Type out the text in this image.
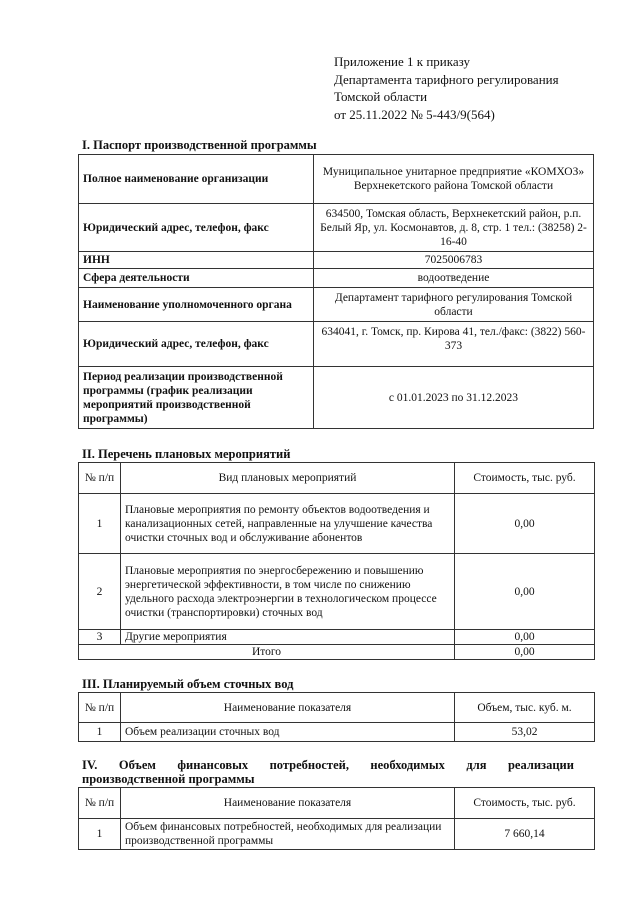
Приложение 1 к приказу
Департамента тарифного регулирования
Томской области
от 25.11.2022 № 5-443/9(564)
I. Паспорт производственной программы
Полное наименование организации	Муниципальное унитарное предприятие «КОМХОЗ» Верхнекетского района Томской области
Юридический адрес, телефон, факс	634500, Томская область, Верхнекетский район, р.п. Белый Яр, ул. Космонавтов, д. 8, стр. 1 тел.: (38258) 2-16-40
ИНН	7025006783
Сфера деятельности	водоотведение
Наименование уполномоченного органа	Департамент тарифного регулирования Томской области
Юридический адрес, телефон, факс	634041, г. Томск, пр. Кирова 41, тел./факс: (3822) 560-373
Период реализации производственной программы (график реализации мероприятий производственной программы)	с 01.01.2023 по 31.12.2023
II. Перечень плановых мероприятий
№ п/п	Вид плановых мероприятий	Стоимость, тыс. руб.
1	Плановые мероприятия по ремонту объектов водоотведения и канализационных сетей, направленные на улучшение качества очистки сточных вод и обслуживание абонентов	0,00
2	Плановые мероприятия по энергосбережению и повышению энергетической эффективности, в том числе по снижению удельного расхода электроэнергии в технологическом процессе очистки (транспортировки) сточных вод	0,00
3	Другие мероприятия	0,00
Итого		0,00
III. Планируемый объем сточных вод
№ п/п	Наименование показателя	Объем, тыс. куб. м.
1	Объем реализации сточных вод	53,02
IV. Объем финансовых потребностей, необходимых для реализации
производственной программы
№ п/п	Наименование показателя	Стоимость, тыс. руб.
1	Объем финансовых потребностей, необходимых для реализации производственной программы	7 660,14
